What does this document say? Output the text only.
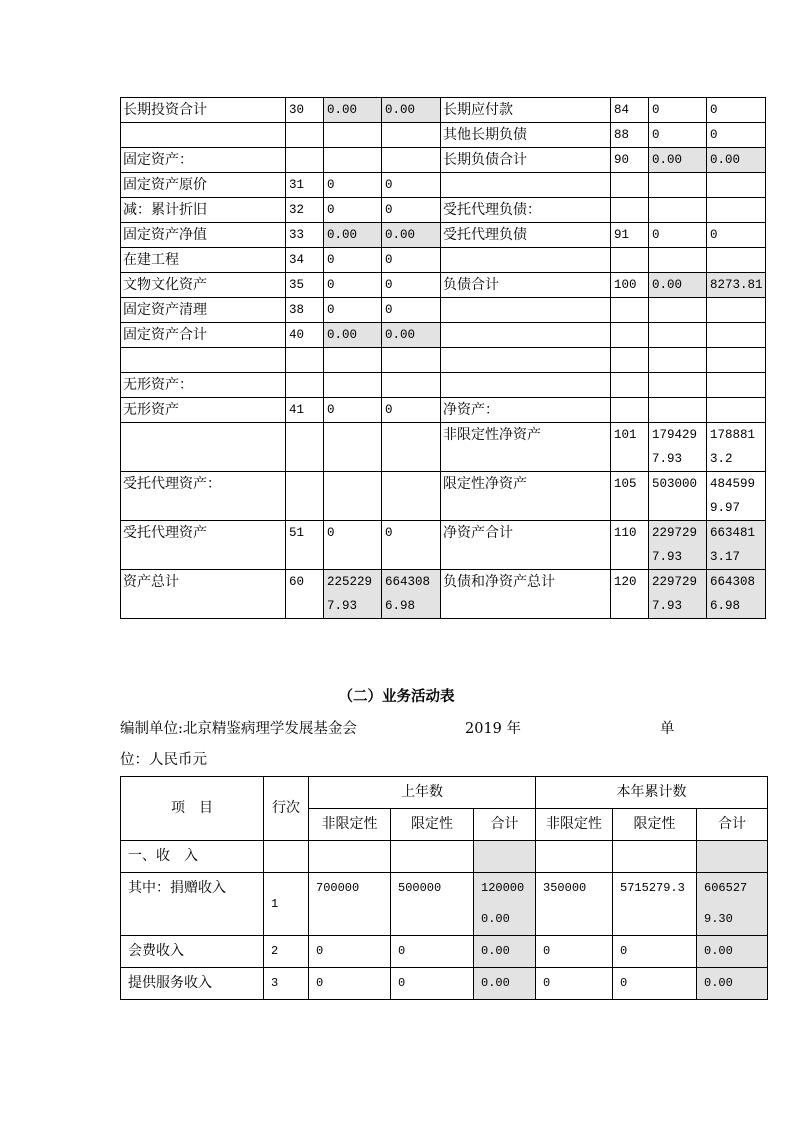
长期投资合计	30	0.00	0.00	长期应付款	84	0	0
				其他长期负债	88	0	0
固定资产：				长期负债合计	90	0.00	0.00
固定资产原价	31	0	0				
减：累计折旧	32	0	0	受托代理负债：			
固定资产净值	33	0.00	0.00	受托代理负债	91	0	0
在建工程	34	0	0				
文物文化资产	35	0	0	负债合计	100	0.00	8273.81
固定资产清理	38	0	0				
固定资产合计	40	0.00	0.00				

无形资产：							
无形资产	41	0	0	净资产：			
				非限定性净资产	101	1794297.93	1788813.2
受托代理资产：				限定性净资产	105	503000	4845999.97
受托代理资产	51	0	0	净资产合计	110	2297297.93	6634813.17
资产总计	60	2252297.93	6643086.98	负债和净资产总计	120	2297297.93	6643086.98
（二）业务活动表
编制单位:北京精鉴病理学发展基金会	2019 年	单
位：人民币元
项　目	行次	上年数			本年累计数		
		非限定性	限定性	合计	非限定性	限定性	合计
一、收　入							
其中：捐赠收入	1	700000	500000	1200000.00	350000	5715279.3	6065279.30
会费收入	2	0	0	0.00	0	0	0.00
提供服务收入	3	0	0	0.00	0	0	0.00
